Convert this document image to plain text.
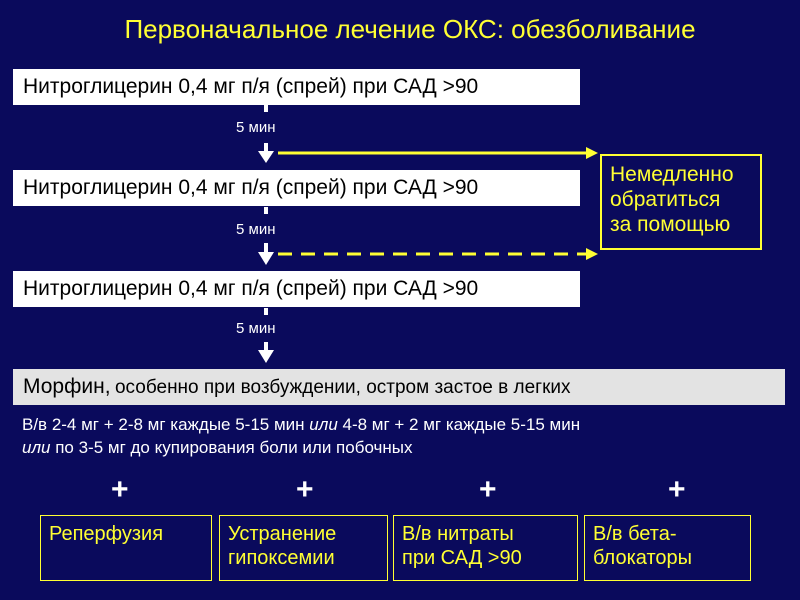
Первоначальное лечение ОКС: обезболивание
Нитроглицерин 0,4 мг п/я (спрей) при САД >90
5 мин
Нитроглицерин 0,4 мг п/я (спрей) при САД >90
5 мин
Нитроглицерин 0,4 мг п/я (спрей) при САД >90
5 мин
Немедленно
обратиться
за помощью
Морфин, особенно при возбуждении, остром застое в легких
В/в 2-4 мг + 2-8 мг каждые 5-15 мин или 4-8 мг + 2 мг каждые 5-15 мин
или по 3-5 мг до купирования боли или побочных
+	+	+	+
Реперфузия	Устранение
гипоксемии
В/в нитраты
при САД >90
В/в бета-
блокаторы
